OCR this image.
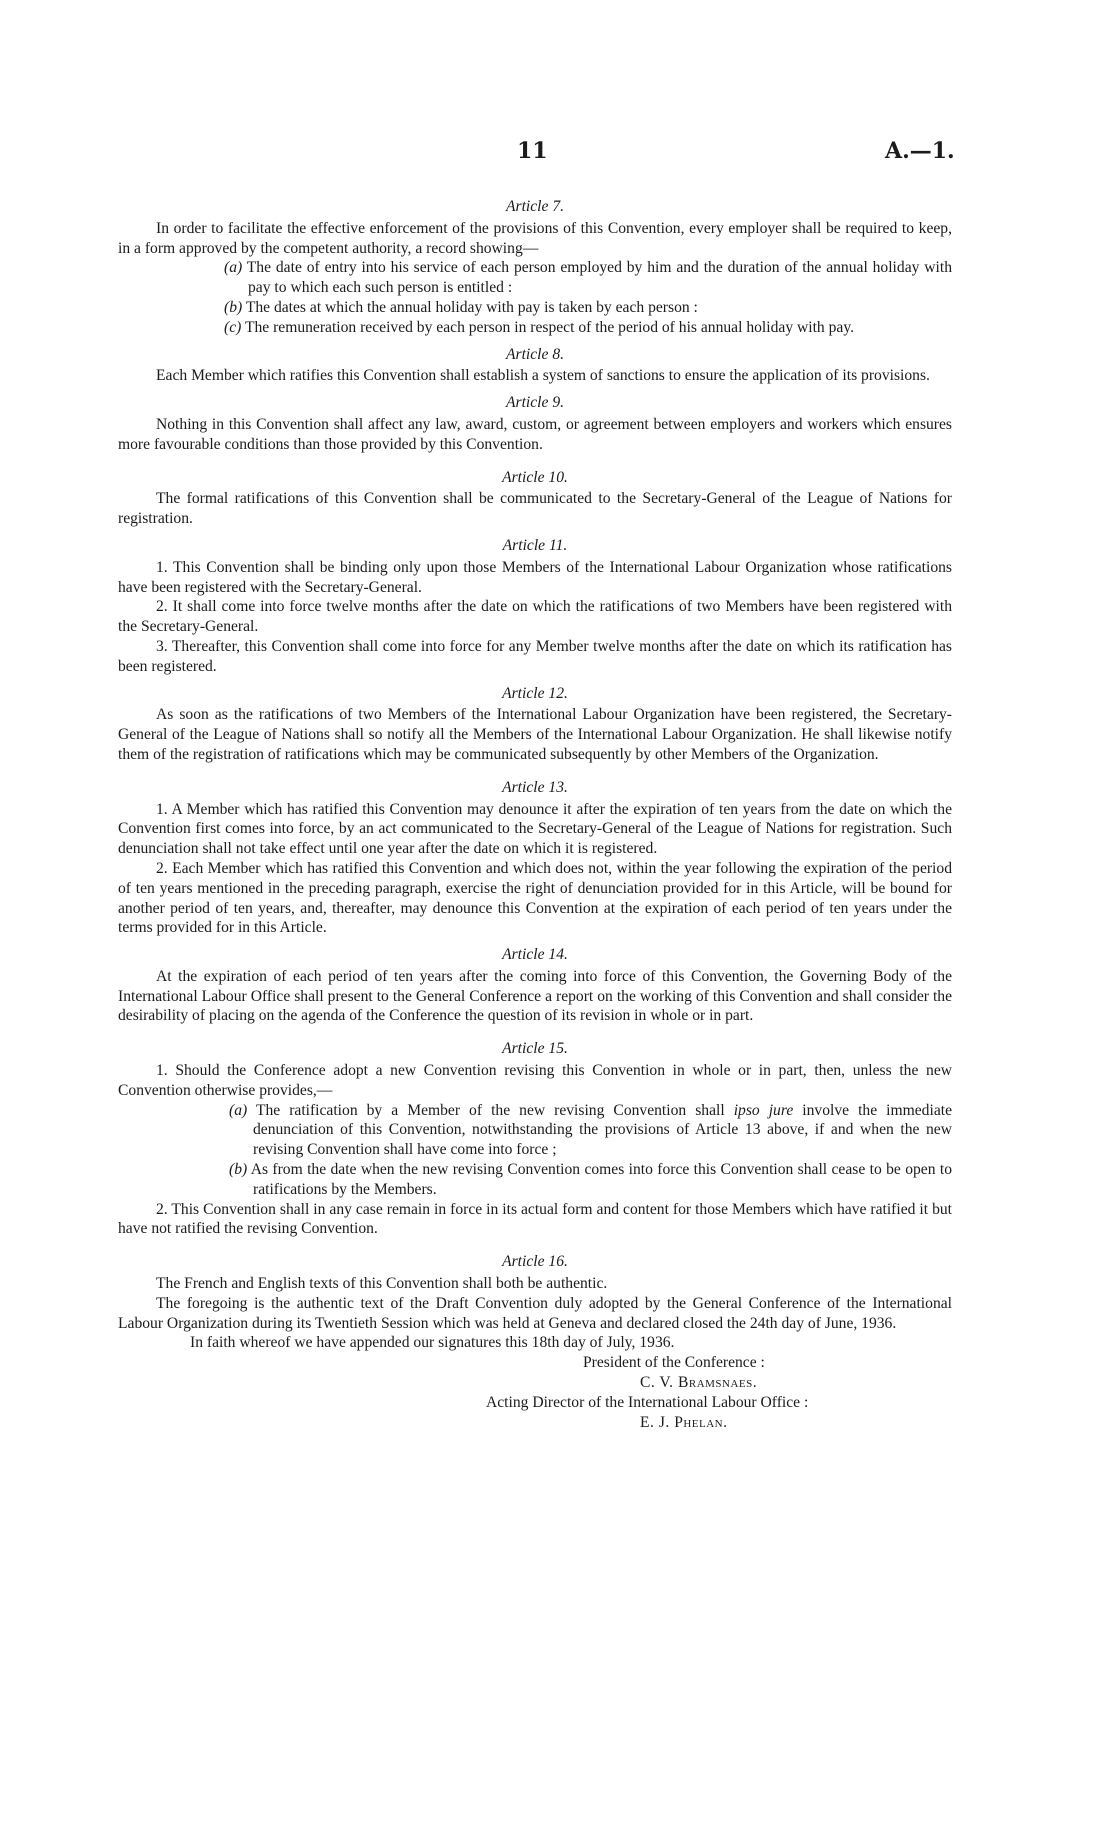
11	A.—1.
Article 7.

In order to facilitate the effective enforcement of the provisions of this Convention, every employer shall be required to keep, in a form approved by the competent authority, a record showing—

(a) The date of entry into his service of each person employed by him and the duration of the annual holiday with pay to which each such person is entitled :

(b) The dates at which the annual holiday with pay is taken by each person :

(c) The remuneration received by each person in respect of the period of his annual holiday with pay.

Article 8.

Each Member which ratifies this Convention shall establish a system of sanctions to ensure the application of its provisions.

Article 9.

Nothing in this Convention shall affect any law, award, custom, or agreement between employers and workers which ensures more favourable conditions than those provided by this Convention.

Article 10.

The formal ratifications of this Convention shall be communicated to the Secretary-General of the League of Nations for registration.

Article 11.

1. This Convention shall be binding only upon those Members of the International Labour Organization whose ratifications have been registered with the Secretary-General.

2. It shall come into force twelve months after the date on which the ratifications of two Members have been registered with the Secretary-General.

3. Thereafter, this Convention shall come into force for any Member twelve months after the date on which its ratification has been registered.

Article 12.

As soon as the ratifications of two Members of the International Labour Organization have been registered, the Secretary-General of the League of Nations shall so notify all the Members of the International Labour Organization. He shall likewise notify them of the registration of ratifications which may be communicated subsequently by other Members of the Organization.

Article 13.

1. A Member which has ratified this Convention may denounce it after the expiration of ten years from the date on which the Convention first comes into force, by an act communicated to the Secretary-General of the League of Nations for registration. Such denunciation shall not take effect until one year after the date on which it is registered.

2. Each Member which has ratified this Convention and which does not, within the year following the expiration of the period of ten years mentioned in the preceding paragraph, exercise the right of denunciation provided for in this Article, will be bound for another period of ten years, and, thereafter, may denounce this Convention at the expiration of each period of ten years under the terms provided for in this Article.

Article 14.

At the expiration of each period of ten years after the coming into force of this Convention, the Governing Body of the International Labour Office shall present to the General Conference a report on the working of this Convention and shall consider the desirability of placing on the agenda of the Conference the question of its revision in whole or in part.

Article 15.

1. Should the Conference adopt a new Convention revising this Convention in whole or in part, then, unless the new Convention otherwise provides,—

(a) The ratification by a Member of the new revising Convention shall ipso jure involve the immediate denunciation of this Convention, notwithstanding the provisions of Article 13 above, if and when the new revising Convention shall have come into force ;

(b) As from the date when the new revising Convention comes into force this Convention shall cease to be open to ratifications by the Members.

2. This Convention shall in any case remain in force in its actual form and content for those Members which have ratified it but have not ratified the revising Convention.

Article 16.

The French and English texts of this Convention shall both be authentic.

The foregoing is the authentic text of the Draft Convention duly adopted by the General Conference of the International Labour Organization during its Twentieth Session which was held at Geneva and declared closed the 24th day of June, 1936.

In faith whereof we have appended our signatures this 18th day of July, 1936.

President of the Conference :
C. V. Bramsnaes.
Acting Director of the International Labour Office :
E. J. Phelan.
